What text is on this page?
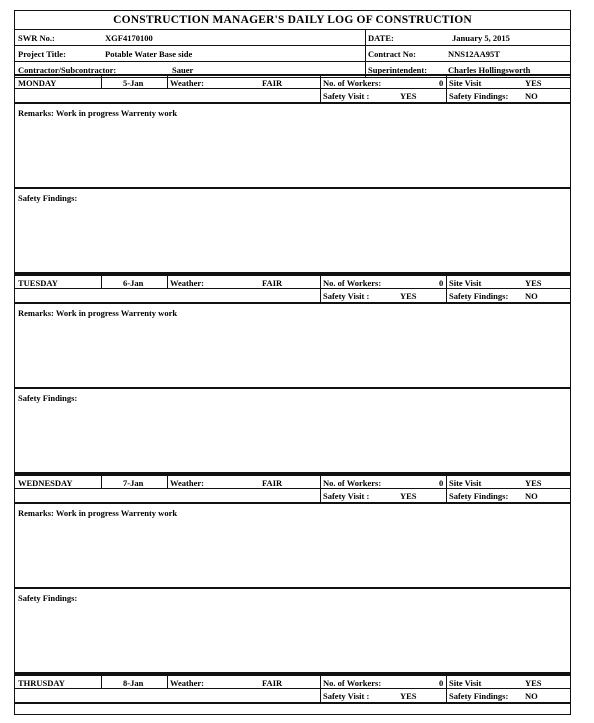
CONSTRUCTION MANAGER'S DAILY LOG OF CONSTRUCTION
SWR No.:	XGF4170100	DATE:	January 5, 2015
Project Title:	Potable Water Base side	Contract No:	NNS12AA95T
Contractor/Subcontractor:	Sauer	Superintendent: Charles Hollingsworth
MONDAY	5-Jan	Weather:	FAIR	No. of Workers:	0 Site Visit	YES
Safety Visit :	YES	Safety Findings: NO
Remarks: Work in progress Warrenty work
Safety Findings:
TUESDAY	6-Jan	Weather:	FAIR	No. of Workers:	0 Site Visit	YES
Safety Visit :	YES	Safety Findings: NO
Remarks: Work in progress Warrenty work
Safety Findings:
WEDNESDAY	7-Jan	Weather:	FAIR	No. of Workers:	0 Site Visit	YES
Safety Visit :	YES	Safety Findings: NO
Remarks: Work in progress Warrenty work
Safety Findings:
THRUSDAY	8-Jan	Weather:	FAIR	No. of Workers:	0 Site Visit	YES
Safety Visit :	YES	Safety Findings: NO
